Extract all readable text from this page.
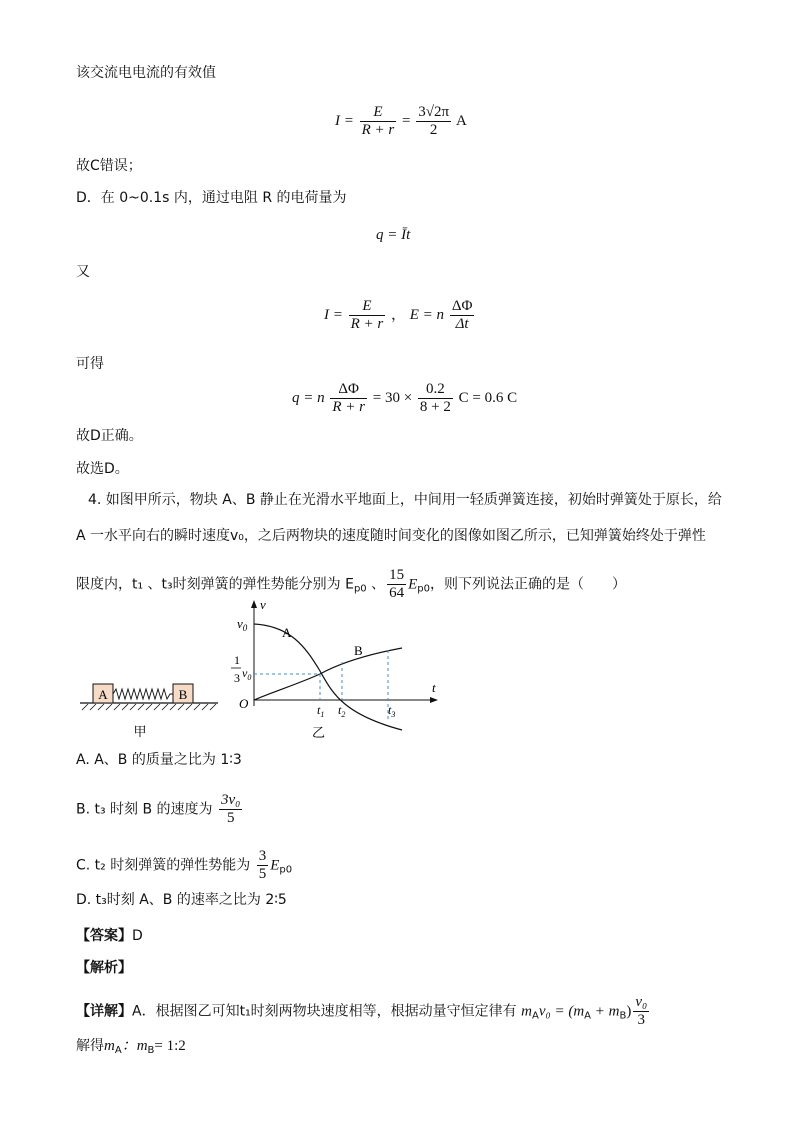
该交流电电流的有效值
$I = \frac{E}{R + r} = \frac{3√2\pi}{2}$ A
故C错误；
D．在 0~0.1s 内，通过电阻 R 的电荷量为
q = Īt
又
$I = \frac{E}{R + r}$ ， E = n $\frac{\Delta\Phi}{\Delta t}$
可得
q = n $\frac{\Delta\Phi}{R + r} = 30 \times \frac{0.2}{8 + 2}$ C = 0.6 C
故D正确。
故选D。
4. 如图甲所示，物块 A、B 静止在光滑水平地面上，中间用一轻质弹簧连接，初始时弹簧处于原长，给
A 一水平向右的瞬时速度v₀，之后两物块的速度随时间变化的图像如图乙所示，已知弹簧始终处于弹性
限度内，t₁ 、t₃时刻弹簧的弹性势能分别为 $E_{p0}$ 、 $\frac{15}{64} E_{p0}$，则下列说法正确的是（　　）
A	B
甲
v
t
O
$v_0$
1
3 $v_0$
A
B
$t_1$ $t_2$	$t_3$
乙
A. A、B 的质量之比为 1∶3
B. t₃ 时刻 B 的速度为 $\frac{\text{3v₀}}{5}$
C. t₂ 时刻弹簧的弹性势能为 $\frac{3}{5} E_{p0}$
D. t₃时刻 A、B 的速率之比为 2∶5
【答案】D
【解析】
【详解】A．根据图乙可知t₁时刻两物块速度相等，根据动量守恒定律有 $m_Av_0 = (m_A + m_B) \frac{\text{v₀}}{3}$
解得$m_A$：$m_B=$ 1:2
